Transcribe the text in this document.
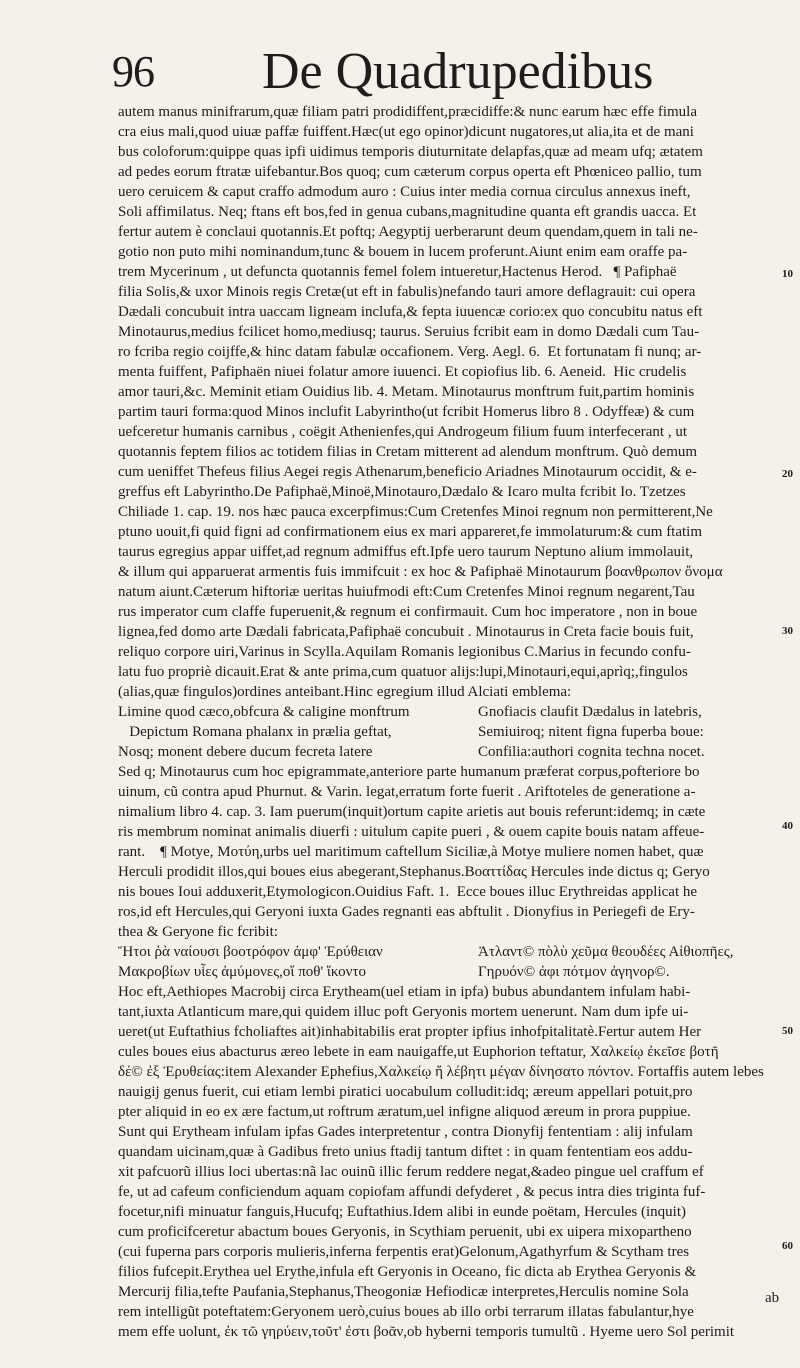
96 De Quadrupedibus
autem manus minifrarum,quæ filiam patri prodidiffent,præcidiffe:& nunc earum hæc effe fimula
cra eius mali,quod uiuæ paffæ fuiffent.Hæc(ut ego opinor)dicunt nugatores,ut alia,ita et de mani
bus coloforum:quippe quas ipfi uidimus temporis diuturnitate delapfas,quæ ad meam ufq; ætatem
ad pedes eorum ftratæ uifebantur.Bos quoq; cum cæterum corpus operta eft Phœniceo pallio, tum
uero ceruicem & caput craffo admodum auro : Cuius inter media cornua circulus annexus ineft,
Soli affimilatus. Neq; ftans eft bos,fed in genua cubans,magnitudine quanta eft grandis uacca. Et
fertur autem è conclaui quotannis.Et poftq; Aegyptij uerberarunt deum quendam,quem in tali ne-
gotio non puto mihi nominandum,tunc & bouem in lucem proferunt.Aiunt enim eam oraffe pa-
trem Mycerinum , ut defuncta quotannis femel folem intueretur,Hactenus Herod.   ¶ Pafiphaë
filia Solis,& uxor Minois regis Cretæ(ut eft in fabulis)nefando tauri amore deflagrauit: cui opera
Dædali concubuit intra uaccam ligneam inclufa,& fepta iuuencæ corio:ex quo concubitu natus eft
Minotaurus,medius fcilicet homo,mediusq; taurus. Seruius fcribit eam in domo Dædali cum Tau-
ro fcriba regio coijffe,& hinc datam fabulæ occafionem. Verg. Aegl. 6.  Et fortunatam fi nunq; ar-
menta fuiffent, Pafiphaën niuei folatur amore iuuenci. Et copiofius lib. 6. Aeneid.  Hic crudelis
amor tauri,&c. Meminit etiam Ouidius lib. 4. Metam. Minotaurus monftrum fuit,partim hominis
partim tauri forma:quod Minos inclufit Labyrintho(ut fcribit Homerus libro 8 . Odyffeæ) & cum
uefceretur humanis carnibus , coëgit Athenienfes,qui Androgeum filium fuum interfecerant , ut
quotannis feptem filios ac totidem filias in Cretam mitterent ad alendum monftrum. Quò demum
cum ueniffet Thefeus filius Aegei regis Athenarum,beneficio Ariadnes Minotaurum occidit, & e-
greffus eft Labyrintho.De Pafiphaë,Minoë,Minotauro,Dædalo & Icaro multa fcribit Io. Tzetzes
Chiliade 1. cap. 19. nos hæc pauca excerpfimus:Cum Cretenfes Minoi regnum non permitterent,Ne
ptuno uouit,fi quid figni ad confirmationem eius ex mari appareret,fe immolaturum:& cum ftatim
taurus egregius appar uiffet,ad regnum admiffus eft.Ipfe uero taurum Neptuno alium immolauit,
& illum qui apparuerat armentis fuis immifcuit : ex hoc & Pafiphaë Minotaurum βοανθρωπον ὄνομα
natum aiunt.Cæterum hiftoriæ ueritas huiufmodi eft:Cum Cretenfes Minoi regnum negarent,Tau
rus imperator cum claffe fuperuenit,& regnum ei confirmauit. Cum hoc imperatore , non in boue
lignea,fed domo arte Dædali fabricata,Pafiphaë concubuit . Minotaurus in Creta facie bouis fuit,
reliquo corpore uiri,Varinus in Scylla.Aquilam Romanis legionibus C.Marius in fecundo confu-
latu fuo propriè dicauit.Erat & ante prima,cum quatuor alijs:lupi,Minotauri,equi,aprìq;,fingulos
(alias,quæ fingulos)ordines anteibant.Hinc egregium illud Alciati emblema:
Limine quod cæco,obfcura & caligine monftrum	Gnofiacis claufit Dædalus in latebris,
Depictum Romana phalanx in prælia geftat,	Semiuiroq; nitent figna fuperba boue:
Nosq; monent debere ducum fecreta latere	Confilia:authori cognita techna nocet.
Sed q; Minotaurus cum hoc epigrammate,anteriore parte humanum præferat corpus,pofteriore bo
uinum, cũ contra apud Phurnut. & Varin. legat,erratum forte fuerit . Ariftoteles de generatione a-
nimalium libro 4. cap. 3. Iam puerum(inquit)ortum capite arietis aut bouis referunt:idemq; in cæte
ris membrum nominat animalis diuerfi : uitulum capite pueri , & ouem capite bouis natam affeue-
rant.    ¶ Motye, Μοτύη,urbs uel maritimum caftellum Siciliæ,à Motye muliere nomen habet, quæ
Herculi prodidit illos,qui boues eius abegerant,Stephanus.Βοαττίδας Hercules inde dictus q; Geryo
nis boues Ioui adduxerit,Etymologicon.Ouidius Faft. 1.  Ecce boues illuc Erythreidas applicat he
ros,id eft Hercules,qui Geryoni iuxta Gades regnanti eas abftulit . Dionyfius in Periegefi de Ery-
thea & Geryone fic fcribit:
Ἤτοι ῥὰ ναίουσι βοοτρόφον ἀμφ' Ἐρύθειαν	Ἀτλαντ© πὸλὺ χεῦμα θεουδέες Αἰθιοπῆες,
Μακροβίων υἷες ἀμύμονες,οἵ ποθ' ἵκοντο	Γηρυόν© ἀφι πότμον ἀγηνορ©.
Hoc eft,Aethiopes Macrobij circa Erytheam(uel etiam in ipfa) bubus abundantem infulam habi-
tant,iuxta Atlanticum mare,qui quidem illuc poft Geryonis mortem uenerunt. Nam dum ipfe ui-
ueret(ut Euftathius fcholiaftes ait)inhabitabilis erat propter ipfius inhofpitalitatè.Fertur autem Her
cules boues eius abacturus æreo lebete in eam nauigaffe,ut Euphorion teftatur, Χαλκείῳ ἐκεῖσε βοτῆ
δέ© ἐξ Ἐρυθείας:item Alexander Ephefius,Χαλκείῳ ἤ λέβητι μέγαν δίνησατο πόντον. Fortaffis autem lebes
nauigij genus fuerit, cui etiam lembi piratici uocabulum colludit:idq; æreum appellari potuit,pro
pter aliquid in eo ex ære factum,ut roftrum æratum,uel infigne aliquod æreum in prora puppiue.
Sunt qui Erytheam infulam ipfas Gades interpretentur , contra Dionyfij fententiam : alij infulam
quandam uicinam,quæ à Gadibus freto unius ftadij tantum diftet : in quam fententiam eos addu-
xit pafcuorũ illius loci ubertas:nã lac ouinũ illic ferum reddere negat,&adeo pingue uel craffum ef
fe, ut ad cafeum conficiendum aquam copiofam affundi defyderet , & pecus intra dies triginta fuf-
focetur,nifi minuatur fanguis,Hucufq; Euftathius.Idem alibi in eunde poëtam, Hercules (inquit)
cum proficifceretur abactum boues Geryonis, in Scythiam peruenit, ubi ex uipera mixopartheno
(cui fuperna pars corporis mulieris,inferna ferpentis erat)Gelonum,Agathyrfum & Scytham tres
filios fufcepit.Erythea uel Erythe,infula eft Geryonis in Oceano, fic dicta ab Erythea Geryonis &
Mercurij filia,tefte Paufania,Stephanus,Theogoniæ Hefiodicæ interpretes,Herculis nomine Sola
rem intelligũt poteftatem:Geryonem uerò,cuius boues ab illo orbi terrarum illatas fabulantur,hye
mem effe uolunt, ἐκ τῶ γηρύειν,τοῦτ' ἐστι βοᾶν,ob hyberni temporis tumultũ . Hyeme uero Sol perimit
10
20
30
40
50
60
ab
